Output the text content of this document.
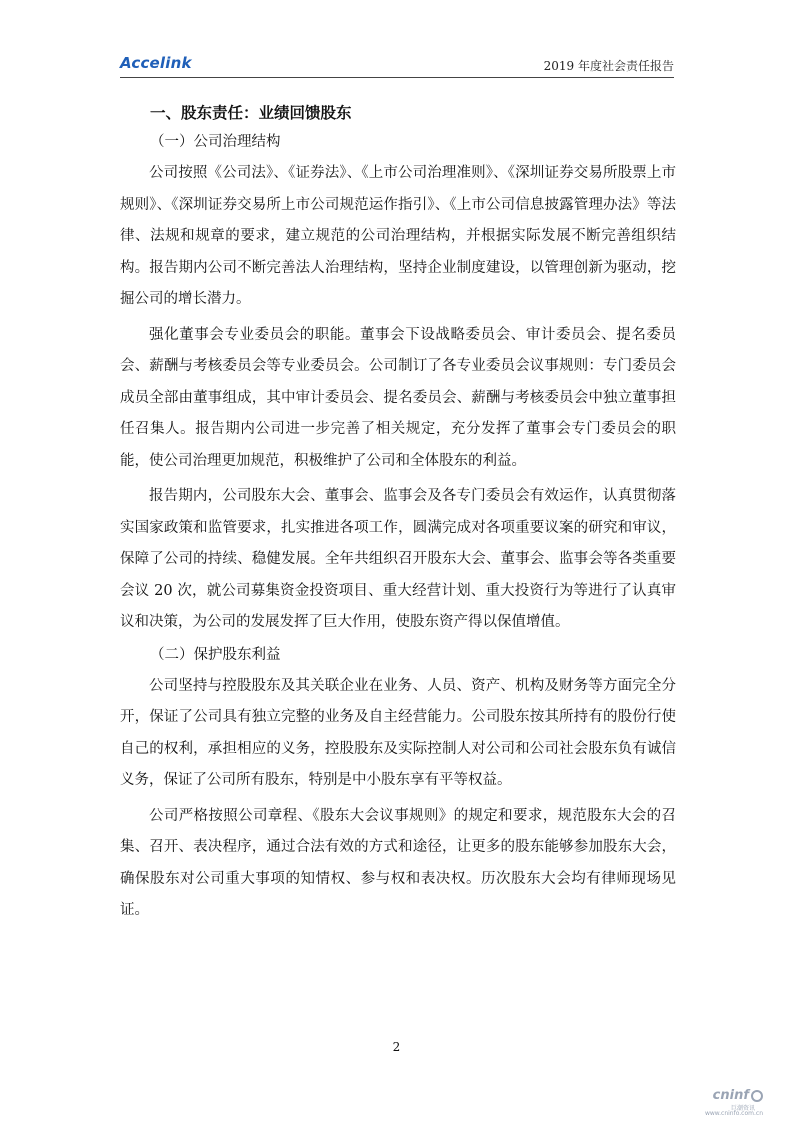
Accelink	2019 年度社会责任报告
一、股东责任：业绩回馈股东
（一）公司治理结构

公司按照《公司法》、《证券法》、《上市公司治理准则》、《深圳证券交易所股票上市规则》、《深圳证券交易所上市公司规范运作指引》、《上市公司信息披露管理办法》等法律、法规和规章的要求，建立规范的公司治理结构，并根据实际发展不断完善组织结构。报告期内公司不断完善法人治理结构，坚持企业制度建设，以管理创新为驱动，挖掘公司的增长潜力。

强化董事会专业委员会的职能。董事会下设战略委员会、审计委员会、提名委员会、薪酬与考核委员会等专业委员会。公司制订了各专业委员会议事规则：专门委员会成员全部由董事组成，其中审计委员会、提名委员会、薪酬与考核委员会中独立董事担任召集人。报告期内公司进一步完善了相关规定，充分发挥了董事会专门委员会的职能，使公司治理更加规范，积极维护了公司和全体股东的利益。

报告期内，公司股东大会、董事会、监事会及各专门委员会有效运作，认真贯彻落实国家政策和监管要求，扎实推进各项工作，圆满完成对各项重要议案的研究和审议，保障了公司的持续、稳健发展。全年共组织召开股东大会、董事会、监事会等各类重要会议 20 次，就公司募集资金投资项目、重大经营计划、重大投资行为等进行了认真审议和决策，为公司的发展发挥了巨大作用，使股东资产得以保值增值。

（二）保护股东利益

公司坚持与控股股东及其关联企业在业务、人员、资产、机构及财务等方面完全分开，保证了公司具有独立完整的业务及自主经营能力。公司股东按其所持有的股份行使自己的权利，承担相应的义务，控股股东及实际控制人对公司和公司社会股东负有诚信义务，保证了公司所有股东，特别是中小股东享有平等权益。

公司严格按照公司章程、《股东大会议事规则》的规定和要求，规范股东大会的召集、召开、表决程序，通过合法有效的方式和途径，让更多的股东能够参加股东大会，确保股东对公司重大事项的知情权、参与权和表决权。历次股东大会均有律师现场见证。

2
cninf
巨潮资讯
www.cninfo.com.cn
